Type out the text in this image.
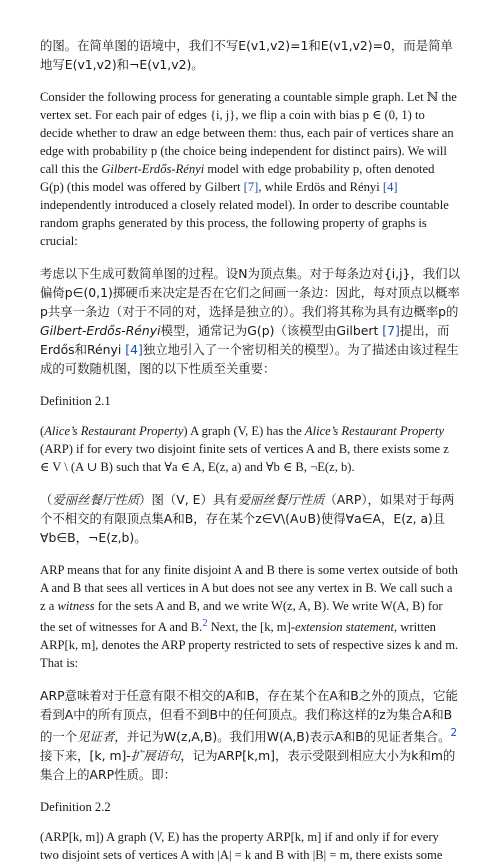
的图。在简单图的语境中，我们不写E(v1,v2)=1和E(v1,v2)=0，而是简单地写E(v1,v2)和¬E(v1,v2)。

Consider the following process for generating a countable simple graph. Let ℕ the vertex set. For each pair of edges {i, j}, we flip a coin with bias p ∈ (0, 1) to decide whether to draw an edge between them: thus, each pair of vertices share an edge with probability p (the choice being independent for distinct pairs). We will call this the Gilbert-Erdős-Rényi model with edge probability p, often denoted G(p) (this model was offered by Gilbert [7], while Erdös and Rényi [4] independently introduced a closely related model). In order to describe countable random graphs generated by this process, the following property of graphs is crucial:

考虑以下生成可数简单图的过程。设N为顶点集。对于每条边对{i,j}，我们以偏倚p∈(0,1)掷硬币来决定是否在它们之间画一条边：因此，每对顶点以概率p共享一条边（对于不同的对，选择是独立的）。我们将其称为具有边概率p的Gilbert-Erdős-Rényi模型，通常记为G(p)（该模型由Gilbert [7]提出，而Erdős和Rényi [4]独立地引入了一个密切相关的模型）。为了描述由该过程生成的可数随机图，图的以下性质至关重要：

Definition 2.1

(Alice’s Restaurant Property) A graph (V, E) has the Alice’s Restaurant Property (ARP) if for every two disjoint finite sets of vertices A and B, there exists some z ∈ V \ (A ∪ B) such that ∀a ∈ A, E(z, a) and ∀b ∈ B, ¬E(z, b).

（爱丽丝餐厅性质）图（V, E）具有爱丽丝餐厅性质（ARP），如果对于每两个不相交的有限顶点集A和B，存在某个z∈V\(A∪B)使得∀a∈A，E(z, a)且∀b∈B，¬E(z,b)。

ARP means that for any finite disjoint A and B there is some vertex outside of both A and B that sees all vertices in A but does not see any vertex in B. We call such a z a witness for the sets A and B, and we write W(z, A, B). We write W(A, B) for the set of witnesses for A and B.$^2$ Next, the [k, m]-extension statement, written ARP[k, m], denotes the ARP property restricted to sets of respective sizes k and m. That is:

ARP意味着对于任意有限不相交的A和B，存在某个在A和B之外的顶点，它能看到A中的所有顶点，但看不到B中的任何顶点。我们称这样的z为集合A和B的一个见证者，并记为W(z,A,B)。我们用W(A,B)表示A和B的见证者集合。$^2$接下来，[k, m]-扩展语句，记为ARP[k,m]，表示受限到相应大小为k和m的集合上的ARP性质。即：

Definition 2.2

(ARP[k, m]) A graph (V, E) has the property ARP[k, m] if and only if for every two disjoint sets of vertices A with |A| = k and B with |B| = m, there exists some
